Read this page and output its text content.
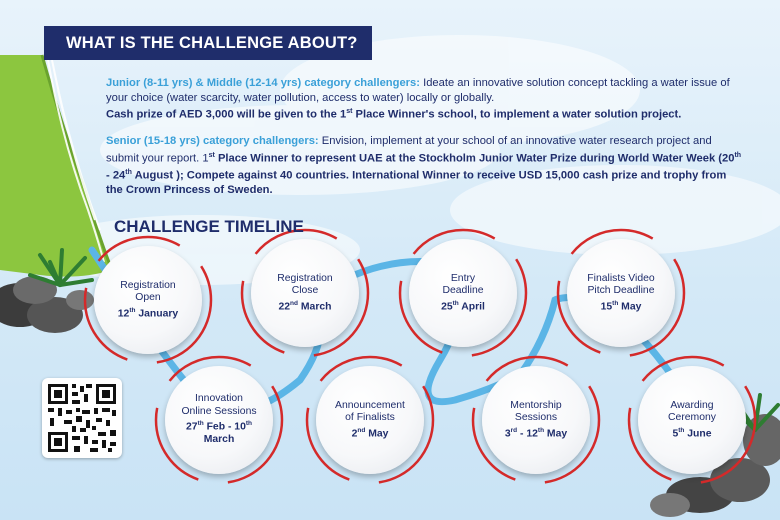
WHAT IS THE CHALLENGE ABOUT?

Junior (8-11 yrs) & Middle (12-14 yrs) category challengers: Ideate an innovative solution concept tackling a water issue of your choice (water scarcity, water pollution, access to water) locally or globally.

Cash prize of AED 3,000 will be given to the 1st Place Winner's school, to implement a water solution project.

Senior (15-18 yrs) category challengers: Envision, implement at your school of an innovative water research project and submit your report. 1st Place Winner to represent UAE at the Stockholm Junior Water Prize during World Water Week (20th - 24th August ); Compete against 40 countries. International Winner to receive USD 15,000 cash prize and trophy from the Crown Princess of Sweden.

CHALLENGE TIMELINE
Registration
Open
12th January
Registration
Close
22nd March
Entry
Deadline
25th April
Finalists Video
Pitch Deadline
15th May
Innovation
Online Sessions
27th Feb - 10th
March
Announcement
of Finalists
2nd May
Mentorship
Sessions
3rd - 12th May
Awarding
Ceremony
5th June
